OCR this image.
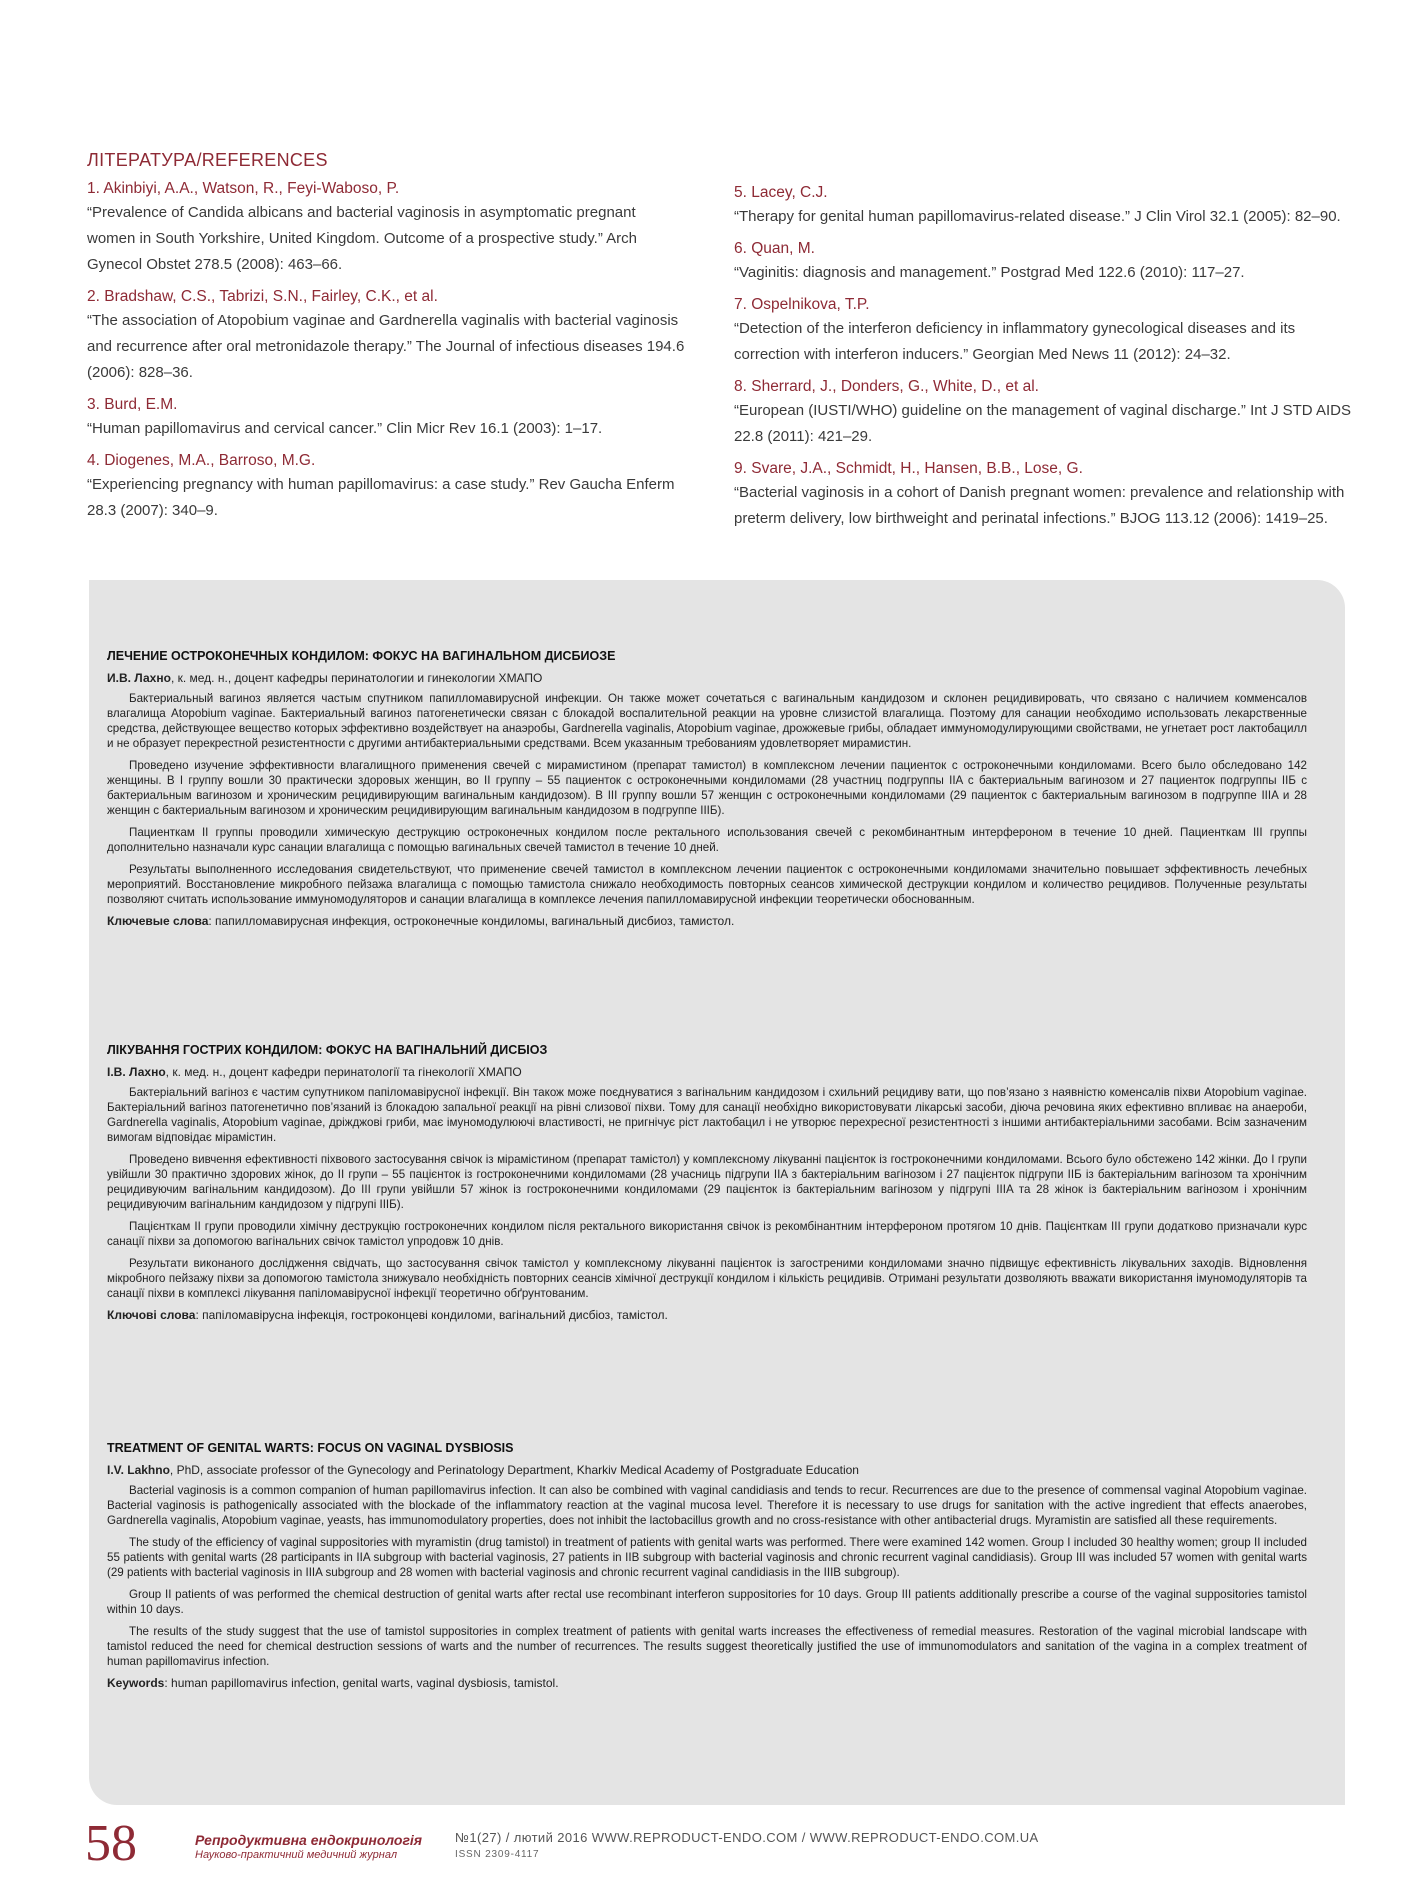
ЛІТЕРАТУРА/REFERENCES
1. Akinbiyi, A.A., Watson, R., Feyi-Waboso, P.
“Prevalence of Candida albicans and bacterial vaginosis in asymptomatic pregnant women in South Yorkshire, United Kingdom. Outcome of a prospective study.” Arch Gynecol Obstet 278.5 (2008): 463–66.
2. Bradshaw, C.S., Tabrizi, S.N., Fairley, C.K., et al.
“The association of Atopobium vaginae and Gardnerella vaginalis with bacterial vaginosis and recurrence after oral metronidazole therapy.” The Journal of infectious diseases 194.6 (2006): 828–36.
3. Burd, E.M.
“Human papillomavirus and cervical cancer.” Clin Micr Rev 16.1 (2003): 1–17.
4. Diogenes, M.A., Barroso, M.G.
“Experiencing pregnancy with human papillomavirus: a case study.” Rev Gaucha Enferm 28.3 (2007): 340–9.
5. Lacey, C.J.
“Therapy for genital human papillomavirus-related disease.” J Clin Virol 32.1 (2005): 82–90.
6. Quan, M.
“Vaginitis: diagnosis and management.” Postgrad Med 122.6 (2010): 117–27.
7. Ospelnikova, T.P.
“Detection of the interferon deficiency in inflammatory gynecological diseases and its correction with interferon inducers.” Georgian Med News 11 (2012): 24–32.
8. Sherrard, J., Donders, G., White, D., et al.
“European (IUSTI/WHO) guideline on the management of vaginal discharge.” Int J STD AIDS 22.8 (2011): 421–29.
9. Svare, J.A., Schmidt, H., Hansen, B.B., Lose, G.
“Bacterial vaginosis in a cohort of Danish pregnant women: prevalence and relationship with preterm delivery, low birthweight and perinatal infections.” BJOG 113.12 (2006): 1419–25.
ЛЕЧЕНИЕ ОСТРОКОНЕЧНЫХ КОНДИЛОМ: ФОКУС НА ВАГИНАЛЬНОМ ДИСБИОЗЕ
И.В. Лахно, к. мед. н., доцент кафедры перинатологии и гинекологии ХМАПО

Бактериальный вагиноз является частым спутником папилломавирусной инфекции. Он также может сочетаться с вагинальным кандидозом и склонен рецидивировать, что связано с наличием комменсалов влагалища Atopobium vaginae. Бактериальный вагиноз патогенетически связан с блокадой воспалительной реакции на уровне слизистой влагалища. Поэтому для санации необходимо использовать лекарственные средства, действующее вещество которых эффективно воздействует на анаэробы, Gardnerella vaginalis, Atopobium vaginae, дрожжевые грибы, обладает иммуномодулирующими свойствами, не угнетает рост лактобацилл и не образует перекрестной резистентности с другими антибактериальными средствами. Всем указанным требованиям удовлетворяет мирамистин.

Проведено изучение эффективности влагалищного применения свечей с мирамистином (препарат тамистол) в комплексном лечении пациенток с остроконечными кондиломами. Всего было обследовано 142 женщины. В I группу вошли 30 практически здоровых женщин, во II группу – 55 пациенток с остроконечными кондиломами (28 участниц подгруппы IIA с бактериальным вагинозом и 27 пациенток подгруппы IIБ с бактериальным вагинозом и хроническим рецидивирующим вагинальным кандидозом). В III группу вошли 57 женщин с остроконечными кондиломами (29 пациенток с бактериальным вагинозом в подгруппе IIIA и 28 женщин с бактериальным вагинозом и хроническим рецидивирующим вагинальным кандидозом в подгруппе IIIБ).

Пациенткам II группы проводили химическую деструкцию остроконечных кондилом после ректального использования свечей с рекомбинантным интерфероном в течение 10 дней. Пациенткам III группы дополнительно назначали курс санации влагалища с помощью вагинальных свечей тамистол в течение 10 дней.

Результаты выполненного исследования свидетельствуют, что применение свечей тамистол в комплексном лечении пациенток с остроконечными кондиломами значительно повышает эффективность лечебных мероприятий. Восстановление микробного пейзажа влагалища с помощью тамистола снижало необходимость повторных сеансов химической деструкции кондилом и количество рецидивов. Полученные результаты позволяют считать использование иммуномодуляторов и санации влагалища в комплексе лечения папилломавирусной инфекции теоретически обоснованным.

Ключевые слова: папилломавирусная инфекция, остроконечные кондиломы, вагинальный дисбиоз, тамистол.

ЛІКУВАННЯ ГОСТРИХ КОНДИЛОМ: ФОКУС НА ВАГІНАЛЬНИЙ ДИСБІОЗ
І.В. Лахно, к. мед. н., доцент кафедри перинатології та гінекології ХМАПО

Бактеріальний вагіноз є частим супутником папіломавірусної інфекції. Він також може поєднуватися з вагінальним кандидозом і схильний рецидиву вати, що пов’язано з наявністю коменсалів піхви Atopobium vaginae. Бактеріальний вагіноз патогенетично пов’язаний із блокадою запальної реакції на рівні слизової піхви. Тому для санації необхідно використовувати лікарські засоби, діюча речовина яких ефективно впливає на анаероби, Gardnerella vaginalis, Atopobium vaginae, дріжджові гриби, має імуномодулюючі властивості, не пригнічує ріст лактобацил і не утворює перехресної резистентності з іншими антибактеріальними засобами. Всім зазначеним вимогам відповідає мірамістин.

Проведено вивчення ефективності піхвового застосування свічок із мірамістином (препарат тамістол) у комплексному лікуванні пацієнток із гостроконечними кондиломами. Всього було обстежено 142 жінки. До I групи увійшли 30 практично здорових жінок, до II групи – 55 пацієнток із гостроконечними кондиломами (28 учасниць підгрупи IIA з бактеріальним вагінозом і 27 пацієнток підгрупи IIБ із бактеріальним вагінозом та хронічним рецидивуючим вагінальним кандидозом). До III групи увійшли 57 жінок із гостроконечними кондиломами (29 пацієнток із бактеріальним вагінозом у підгрупі IIIA та 28 жінок із бактеріальним вагінозом і хронічним рецидивуючим вагінальним кандидозом у підгрупі IIIБ).

Пацієнткам II групи проводили хімічну деструкцію гостроконечних кондилом після ректального використання свічок із рекомбінантним інтерфероном протягом 10 днів. Пацієнткам III групи додатково призначали курс санації піхви за допомогою вагінальних свічок тамістол упродовж 10 днів.

Результати виконаного дослідження свідчать, що застосування свічок тамістол у комплексному лікуванні пацієнток із загостреними кондиломами значно підвищує ефективність лікувальних заходів. Відновлення мікробного пейзажу піхви за допомогою тамістола знижувало необхідність повторних сеансів хімічної деструкції кондилом і кількість рецидивів. Отримані результати дозволяють вважати використання імуномодуляторів та санації піхви в комплексі лікування папіломавірусної інфекції теоретично обґрунтованим.

Ключові слова: папіломавірусна інфекція, гостроконцеві кондиломи, вагінальний дисбіоз, тамістол.

TREATMENT OF GENITAL WARTS: FOCUS ON VAGINAL DYSBIOSIS
I.V. Lakhno, PhD, associate professor of the Gynecology and Perinatology Department, Kharkiv Medical Academy of Postgraduate Education

Bacterial vaginosis is a common companion of human papillomavirus infection. It can also be combined with vaginal candidiasis and tends to recur. Recurrences are due to the presence of commensal vaginal Atopobium vaginae. Bacterial vaginosis is pathogenically associated with the blockade of the inflammatory reaction at the vaginal mucosa level. Therefore it is necessary to use drugs for sanitation with the active ingredient that effects anaerobes, Gardnerella vaginalis, Atopobium vaginae, yeasts, has immunomodulatory properties, does not inhibit the lactobacillus growth and no cross-resistance with other antibacterial drugs. Myramistin are satisfied all these requirements.

The study of the efficiency of vaginal suppositories with myramistin (drug tamistol) in treatment of patients with genital warts was performed. There were examined 142 women. Group I included 30 healthy women; group II included 55 patients with genital warts (28 participants in IIA subgroup with bacterial vaginosis, 27 patients in IIB subgroup with bacterial vaginosis and chronic recurrent vaginal candidiasis). Group III was included 57 women with genital warts (29 patients with bacterial vaginosis in IIIA subgroup and 28 women with bacterial vaginosis and chronic recurrent vaginal candidiasis in the IIIB subgroup).

Group II patients of was performed the chemical destruction of genital warts after rectal use recombinant interferon suppositories for 10 days. Group III patients additionally prescribe a course of the vaginal suppositories tamistol within 10 days.

The results of the study suggest that the use of tamistol suppositories in complex treatment of patients with genital warts increases the effectiveness of remedial measures. Restoration of the vaginal microbial landscape with tamistol reduced the need for chemical destruction sessions of warts and the number of recurrences. The results suggest theoretically justified the use of immunomodulators and sanitation of the vagina in a complex treatment of human papillomavirus infection.

Keywords: human papillomavirus infection, genital warts, vaginal dysbiosis, tamistol.

58	Репродуктивна ендокринологія
Науково-практичний медичний журнал
№1(27) / лютий 2016 WWW.REPRODUCT-ENDO.COM / WWW.REPRODUCT-ENDO.COM.UA
ISSN 2309-4117
